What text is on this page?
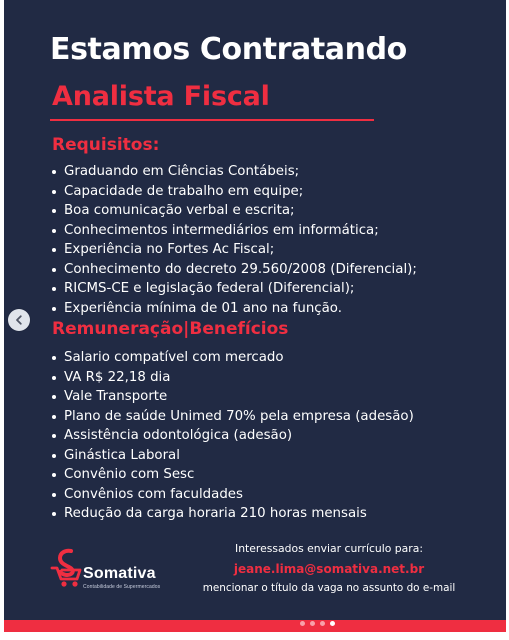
Estamos Contratando
Analista Fiscal
Requisitos:
Graduando em Ciências Contábeis;
Capacidade de trabalho em equipe;
Boa comunicação verbal e escrita;
Conhecimentos intermediários em informática;
Experiência no Fortes Ac Fiscal;
Conhecimento do decreto 29.560/2008 (Diferencial);
RICMS-CE e legislação federal (Diferencial);
Experiência mínima de 01 ano na função.
Remuneração|Benefícios
Salario compatível com mercado
VA R$ 22,18 dia
Vale Transporte
Plano de saúde Unimed 70% pela empresa (adesão)
Assistência odontológica (adesão)
Ginástica Laboral
Convênio com Sesc
Convênios com faculdades
Redução da carga horaria 210 horas mensais
Somativa
Contabilidade de Supermercados
Interessados enviar currículo para:
jeane.lima@somativa.net.br
mencionar o título da vaga no assunto do e-mail
